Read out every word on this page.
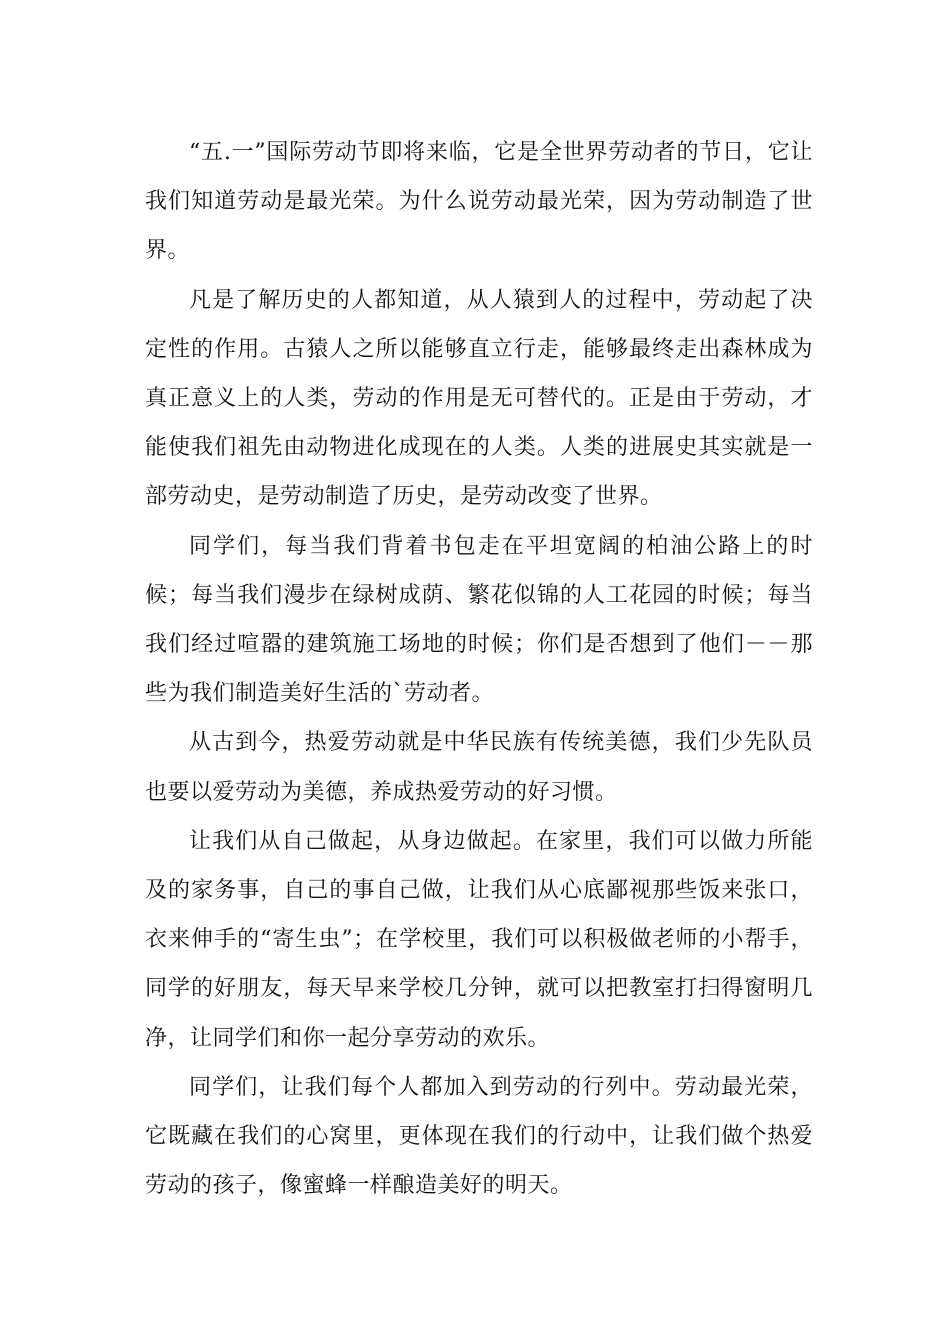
“五.一”国际劳动节即将来临，它是全世界劳动者的节日，它让我们知道劳动是最光荣。为什么说劳动最光荣，因为劳动制造了世界。

凡是了解历史的人都知道，从人猿到人的过程中，劳动起了决定性的作用。古猿人之所以能够直立行走，能够最终走出森林成为真正意义上的人类，劳动的作用是无可替代的。正是由于劳动，才能使我们祖先由动物进化成现在的人类。人类的进展史其实就是一部劳动史，是劳动制造了历史，是劳动改变了世界。

同学们，每当我们背着书包走在平坦宽阔的柏油公路上的时候；每当我们漫步在绿树成荫、繁花似锦的人工花园的时候；每当我们经过喧嚣的建筑施工场地的时候；你们是否想到了他们－－那些为我们制造美好生活的`劳动者。

从古到今，热爱劳动就是中华民族有传统美德，我们少先队员也要以爱劳动为美德，养成热爱劳动的好习惯。

让我们从自己做起，从身边做起。在家里，我们可以做力所能及的家务事，自己的事自己做，让我们从心底鄙视那些饭来张口，衣来伸手的“寄生虫”；在学校里，我们可以积极做老师的小帮手，同学的好朋友，每天早来学校几分钟，就可以把教室打扫得窗明几净，让同学们和你一起分享劳动的欢乐。

同学们，让我们每个人都加入到劳动的行列中。劳动最光荣，它既藏在我们的心窝里，更体现在我们的行动中，让我们做个热爱劳动的孩子，像蜜蜂一样酿造美好的明天。
